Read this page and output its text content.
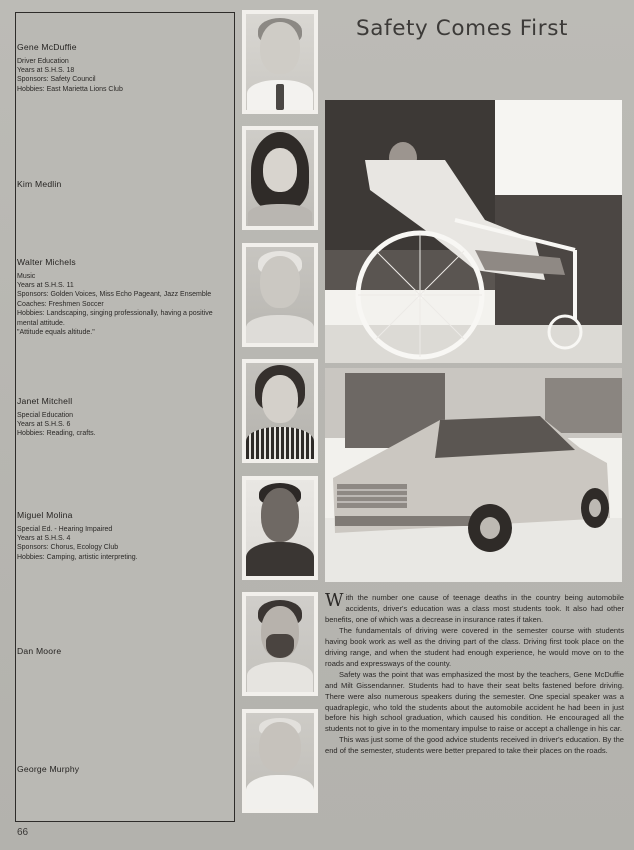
Gene McDuffie
Driver Education
Years at S.H.S. 18
Sponsors: Safety Council
Hobbies: East Marietta Lions Club
Kim Medlin
Walter Michels
Music
Years at S.H.S. 11
Sponsors: Golden Voices, Miss Echo Pageant, Jazz Ensemble
Coaches: Freshmen Soccer
Hobbies: Landscaping, singing professionally, having a positive mental attitude.
"Attitude equals altitude."
Janet Mitchell
Special Education
Years at S.H.S. 6
Hobbies: Reading, crafts.
Miguel Molina
Special Ed. - Hearing Impaired
Years at S.H.S. 4
Sponsors: Chorus, Ecology Club
Hobbies: Camping, artistic interpreting.
Dan Moore
George Murphy
Safety Comes First

With the number one cause of teenage deaths in the country being automobile accidents, driver's education was a class most students took. It also had other benefits, one of which was a decrease in insurance rates if taken.

The fundamentals of driving were covered in the semester course with students having book work as well as the driving part of the class. Driving first took place on the driving range, and when the student had enough experience, he would move on to the roads and expressways of the county.

Safety was the point that was emphasized the most by the teachers, Gene McDuffie and Milt Gissendanner. Students had to have their seat belts fastened before driving. There were also numerous speakers during the semester. One special speaker was a quadraplegic, who told the students about the automobile accident he had been in just before his high school graduation, which caused his condition. He encouraged all the students not to give in to the momentary impulse to raise or accept a challenge in his car.

This was just some of the good advice students received in driver's education. By the end of the semester, students were better prepared to take their places on the roads.

66
